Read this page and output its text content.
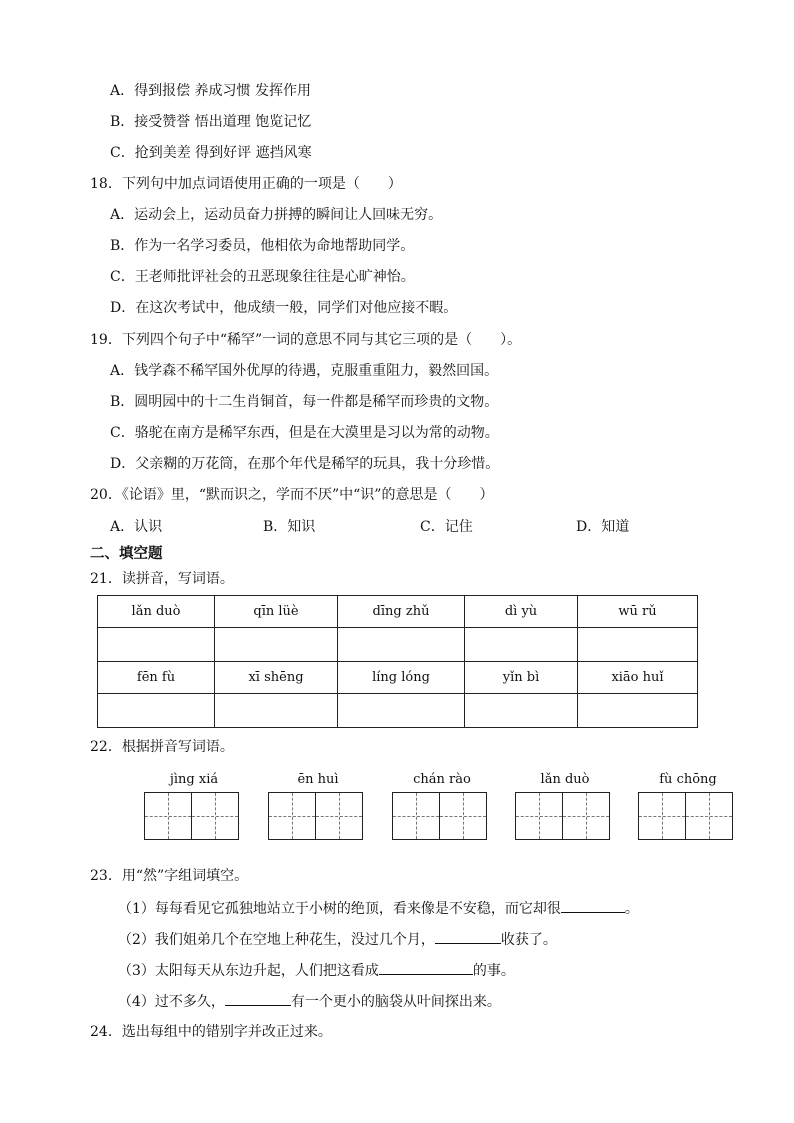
A．得到报偿 养成习惯 发挥作用
B．接受赞誉 悟出道理 饱览记忆
C．抢到美差 得到好评 遮挡风寒
18．下列句中加点词语使用正确的一项是（　　）
A．运动会上，运动员奋力拼搏的瞬间让人回味无穷。
B．作为一名学习委员，他相依为命地帮助同学。
C．王老师批评社会的丑恶现象往往是心旷神怡。
D．在这次考试中，他成绩一般，同学们对他应接不暇。
19．下列四个句子中“稀罕”一词的意思不同与其它三项的是（　　）。
A．钱学森不稀罕国外优厚的待遇，克服重重阻力，毅然回国。
B．圆明园中的十二生肖铜首，每一件都是稀罕而珍贵的文物。
C．骆驼在南方是稀罕东西，但是在大漠里是习以为常的动物。
D．父亲糊的万花筒，在那个年代是稀罕的玩具，我十分珍惜。
20．《论语》里，“默而识之，学而不厌”中“识”的意思是（　　）
A．认识	B．知识	C．记住	D．知道
二、填空题
21．读拼音，写词语。
lǎn duò	qīn lüè	dīng zhǔ	dì yù	wū rǔ

fēn fù	xī shēng	líng lóng	yǐn bì	xiāo huǐ

22．根据拼音写词语。
jìng xiá	ēn huì	chán rào	lǎn duò	fù chōng
23．用“然”字组词填空。
（1）每每看见它孤独地站立于小树的绝顶，看来像是不安稳，而它却很	。
（2）我们姐弟几个在空地上种花生，没过几个月，	收获了。
（3）太阳每天从东边升起，人们把这看成	的事。
（4）过不多久，	有一个更小的脑袋从叶间探出来。
24．选出每组中的错别字并改正过来。
